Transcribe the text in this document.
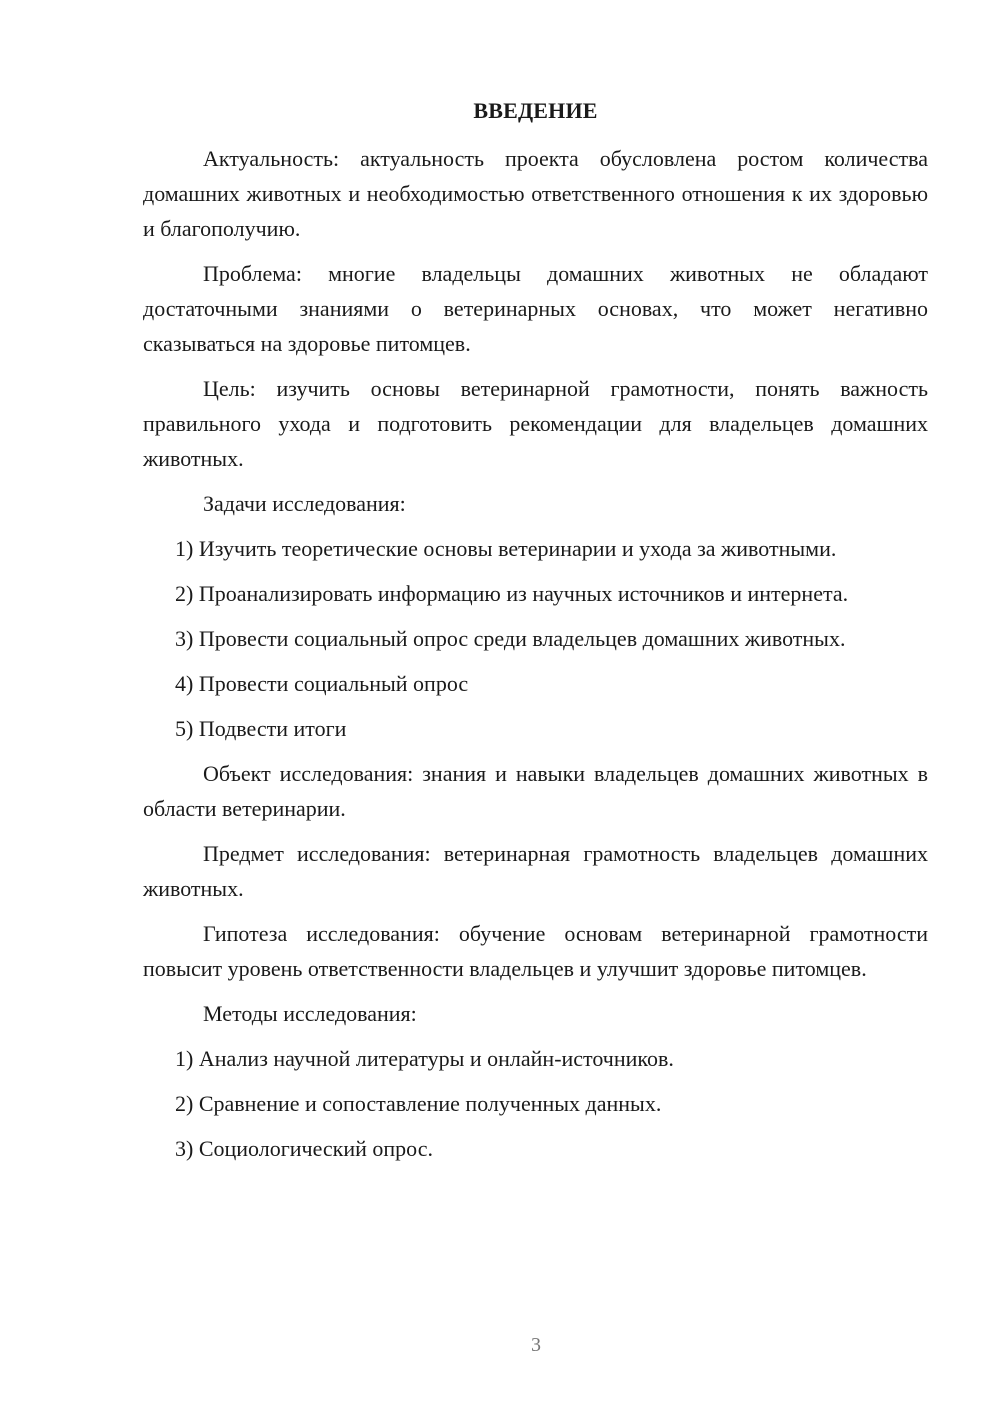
ВВЕДЕНИЕ

Актуальность: актуальность проекта обусловлена ростом количества домашних животных и необходимостью ответственного отношения к их здоровью и благополучию.

Проблема: многие владельцы домашних животных не обладают достаточными знаниями о ветеринарных основах, что может негативно сказываться на здоровье питомцев.

Цель: изучить основы ветеринарной грамотности, понять важность правильного ухода и подготовить рекомендации для владельцев домашних животных.

Задачи исследования:

1) Изучить теоретические основы ветеринарии и ухода за животными.

2) Проанализировать информацию из научных источников и интернета.

3) Провести социальный опрос среди владельцев домашних животных.

4) Провести социальный опрос

5) Подвести итоги

Объект исследования: знания и навыки владельцев домашних животных в области ветеринарии.

Предмет исследования: ветеринарная грамотность владельцев домашних животных.

Гипотеза исследования: обучение основам ветеринарной грамотности повысит уровень ответственности владельцев и улучшит здоровье питомцев.

Методы исследования:

1) Анализ научной литературы и онлайн-источников.

2) Сравнение и сопоставление полученных данных.

3) Социологический опрос.

3
